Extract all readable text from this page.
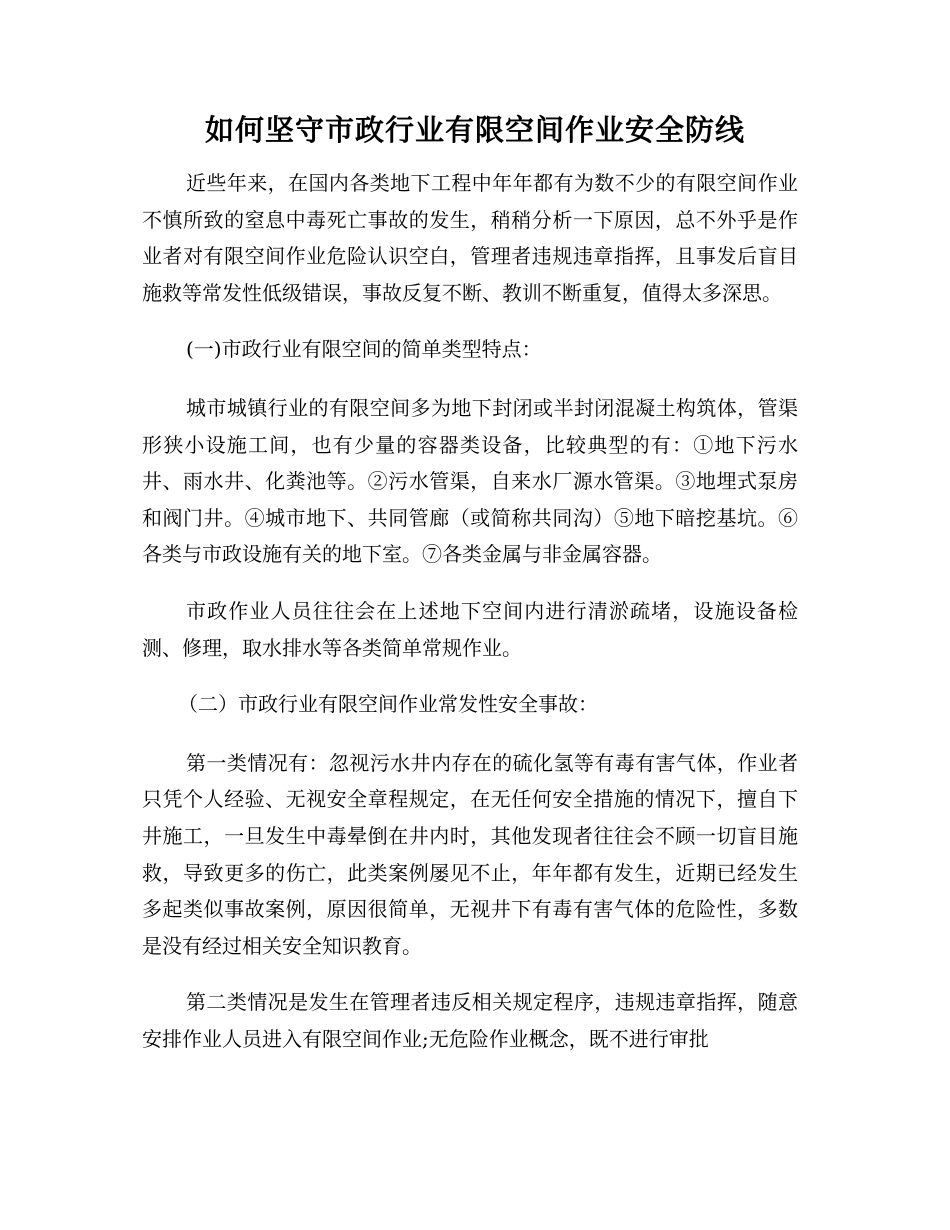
如何坚守市政行业有限空间作业安全防线

近些年来，在国内各类地下工程中年年都有为数不少的有限空间作业不慎所致的窒息中毒死亡事故的发生，稍稍分析一下原因，总不外乎是作业者对有限空间作业危险认识空白，管理者违规违章指挥，且事发后盲目施救等常发性低级错误，事故反复不断、教训不断重复，值得太多深思。

(一)市政行业有限空间的简单类型特点：

城市城镇行业的有限空间多为地下封闭或半封闭混凝土构筑体，管渠形狭小设施工间，也有少量的容器类设备，比较典型的有：①地下污水井、雨水井、化粪池等。②污水管渠，自来水厂源水管渠。③地埋式泵房和阀门井。④城市地下、共同管廊（或简称共同沟）⑤地下暗挖基坑。⑥各类与市政设施有关的地下室。⑦各类金属与非金属容器。

市政作业人员往往会在上述地下空间内进行清淤疏堵，设施设备检测、修理，取水排水等各类简单常规作业。

（二）市政行业有限空间作业常发性安全事故：

第一类情况有：忽视污水井内存在的硫化氢等有毒有害气体，作业者只凭个人经验、无视安全章程规定，在无任何安全措施的情况下，擅自下井施工，一旦发生中毒晕倒在井内时，其他发现者往往会不顾一切盲目施救，导致更多的伤亡，此类案例屡见不止，年年都有发生，近期已经发生多起类似事故案例，原因很简单，无视井下有毒有害气体的危险性，多数是没有经过相关安全知识教育。

第二类情况是发生在管理者违反相关规定程序，违规违章指挥，随意安排作业人员进入有限空间作业;无危险作业概念，既不进行审批
